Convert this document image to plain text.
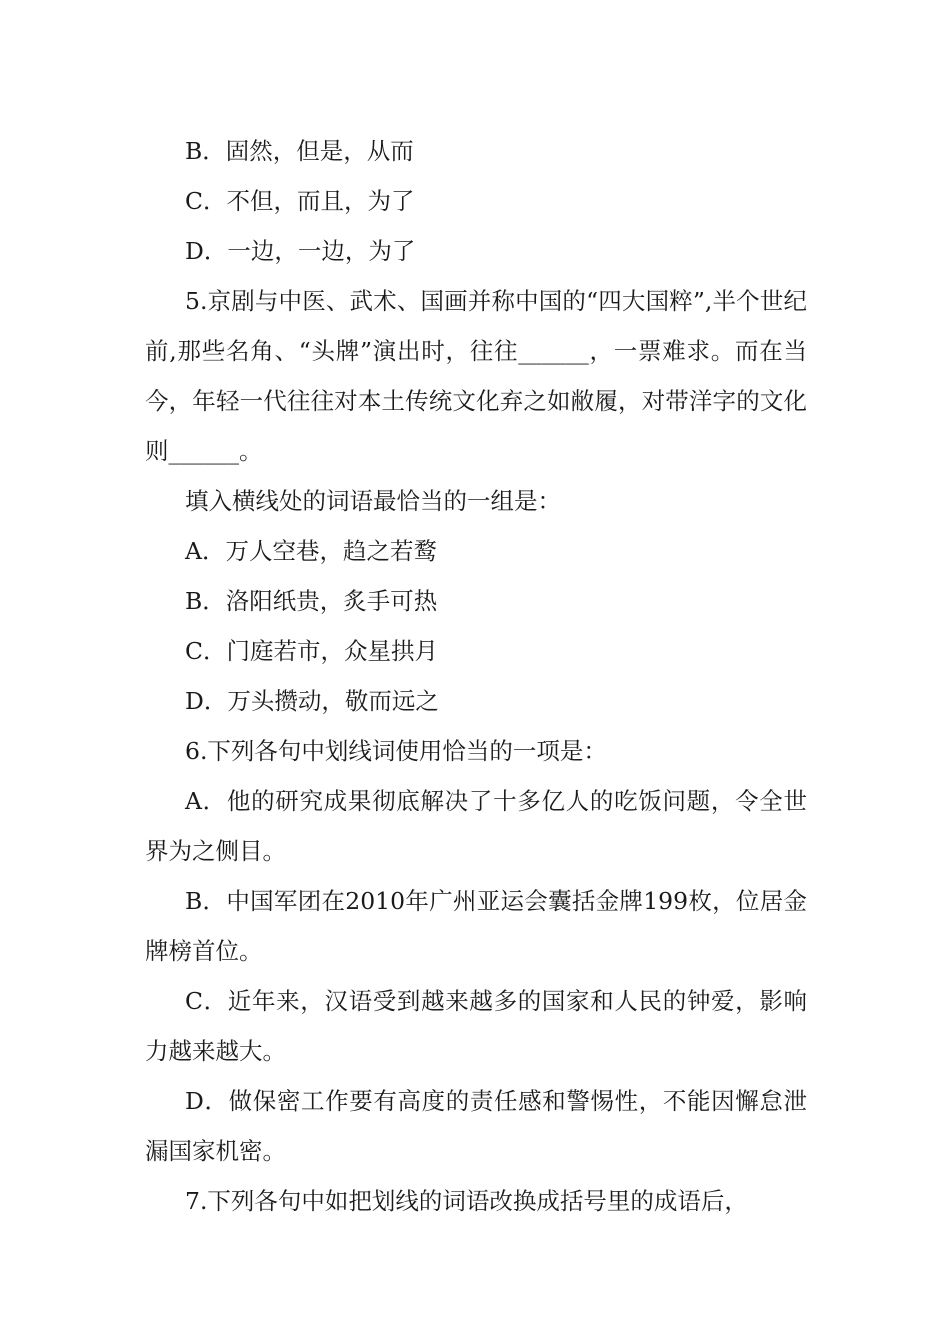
B．固然，但是，从而

C．不但，而且，为了

D．一边，一边，为了

5.京剧与中医、武术、国画并称中国的“四大国粹”,半个世纪前,那些名角、“头牌”演出时，往往______，一票难求。而在当今，年轻一代往往对本土传统文化弃之如敝履，对带洋字的文化则______。

填入横线处的词语最恰当的一组是：

A．万人空巷，趋之若鹜

B．洛阳纸贵，炙手可热

C．门庭若市，众星拱月

D．万头攒动，敬而远之

6.下列各句中划线词使用恰当的一项是：

A．他的研究成果彻底解决了十多亿人的吃饭问题，令全世界为之侧目。

B．中国军团在2010年广州亚运会囊括金牌199枚，位居金牌榜首位。

C．近年来，汉语受到越来越多的国家和人民的钟爱，影响力越来越大。

D．做保密工作要有高度的责任感和警惕性，不能因懈怠泄漏国家机密。

7.下列各句中如把划线的词语改换成括号里的成语后，
